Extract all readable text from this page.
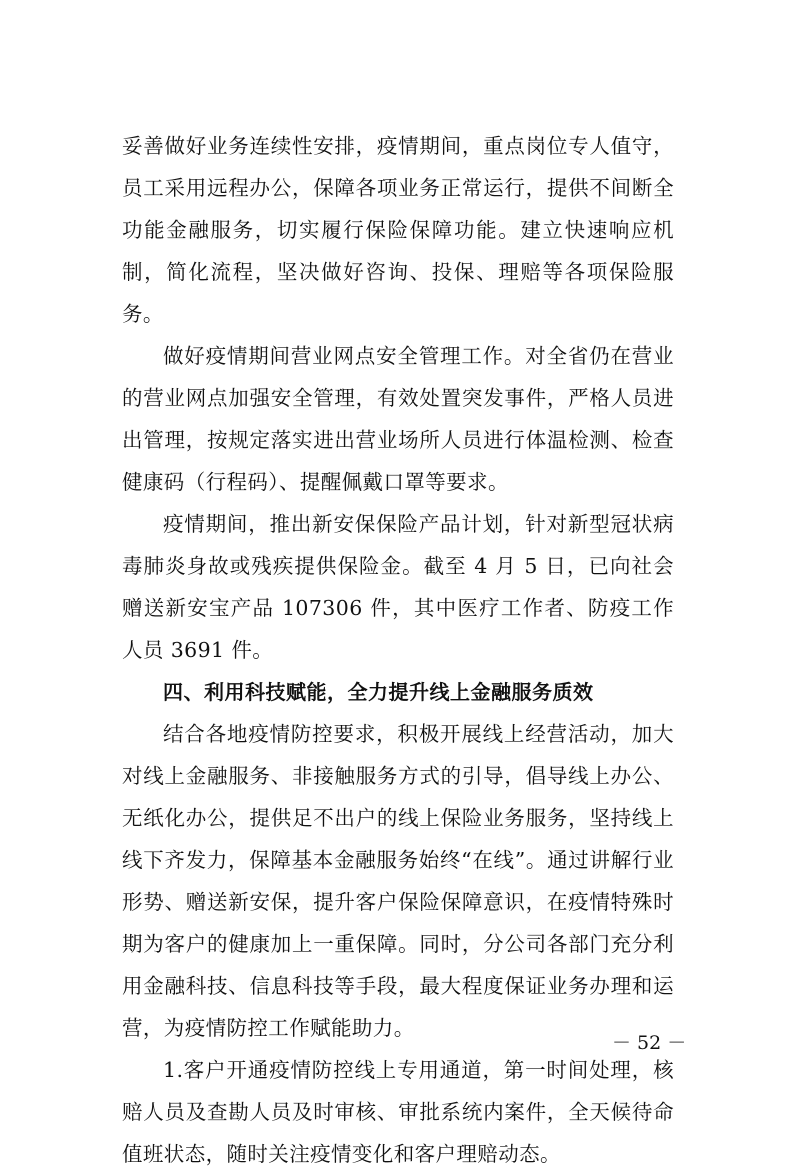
妥善做好业务连续性安排，疫情期间，重点岗位专人值守，员工采用远程办公，保障各项业务正常运行，提供不间断全功能金融服务，切实履行保险保障功能。建立快速响应机制，简化流程，坚决做好咨询、投保、理赔等各项保险服务。

做好疫情期间营业网点安全管理工作。对全省仍在营业的营业网点加强安全管理，有效处置突发事件，严格人员进出管理，按规定落实进出营业场所人员进行体温检测、检查健康码（行程码）、提醒佩戴口罩等要求。

疫情期间，推出新安保保险产品计划，针对新型冠状病毒肺炎身故或残疾提供保险金。截至 4 月 5 日，已向社会赠送新安宝产品 107306 件，其中医疗工作者、防疫工作人员 3691 件。

四、利用科技赋能，全力提升线上金融服务质效

结合各地疫情防控要求，积极开展线上经营活动，加大对线上金融服务、非接触服务方式的引导，倡导线上办公、无纸化办公，提供足不出户的线上保险业务服务，坚持线上线下齐发力，保障基本金融服务始终“在线”。通过讲解行业形势、赠送新安保，提升客户保险保障意识，在疫情特殊时期为客户的健康加上一重保障。同时，分公司各部门充分利用金融科技、信息科技等手段，最大程度保证业务办理和运营，为疫情防控工作赋能助力。

1.客户开通疫情防控线上专用通道，第一时间处理，核赔人员及查勘人员及时审核、审批系统内案件，全天候待命值班状态，随时关注疫情变化和客户理赔动态。

－ 52 －
